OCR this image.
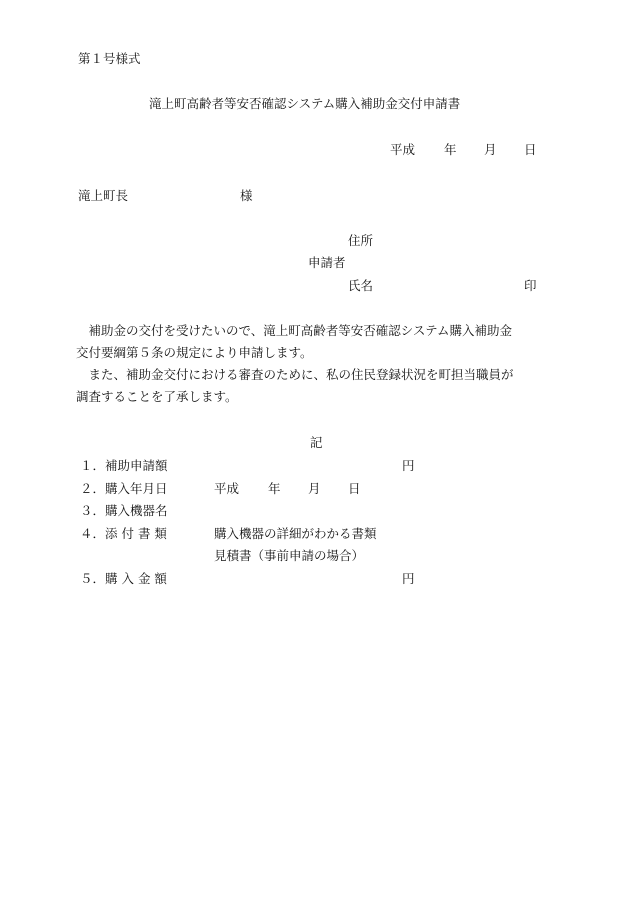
第１号様式
滝上町高齢者等安否確認システム購入補助金交付申請書
平成 年 月 日
滝上町長	様
住所
申請者
氏名	印

　補助金の交付を受けたいので、滝上町高齢者等安否確認システム購入補助金

交付要綱第５条の規定により申請します。

　また、補助金交付における審査のために、私の住民登録状況を町担当職員が

調査することを了承します。

記
１．補助申請額	円
２．購入年月日	平成 年 月 日
３．購入機器名
４．添 付 書 類	購入機器の詳細がわかる書類
見積書（事前申請の場合）
５．購 入 金 額	円
